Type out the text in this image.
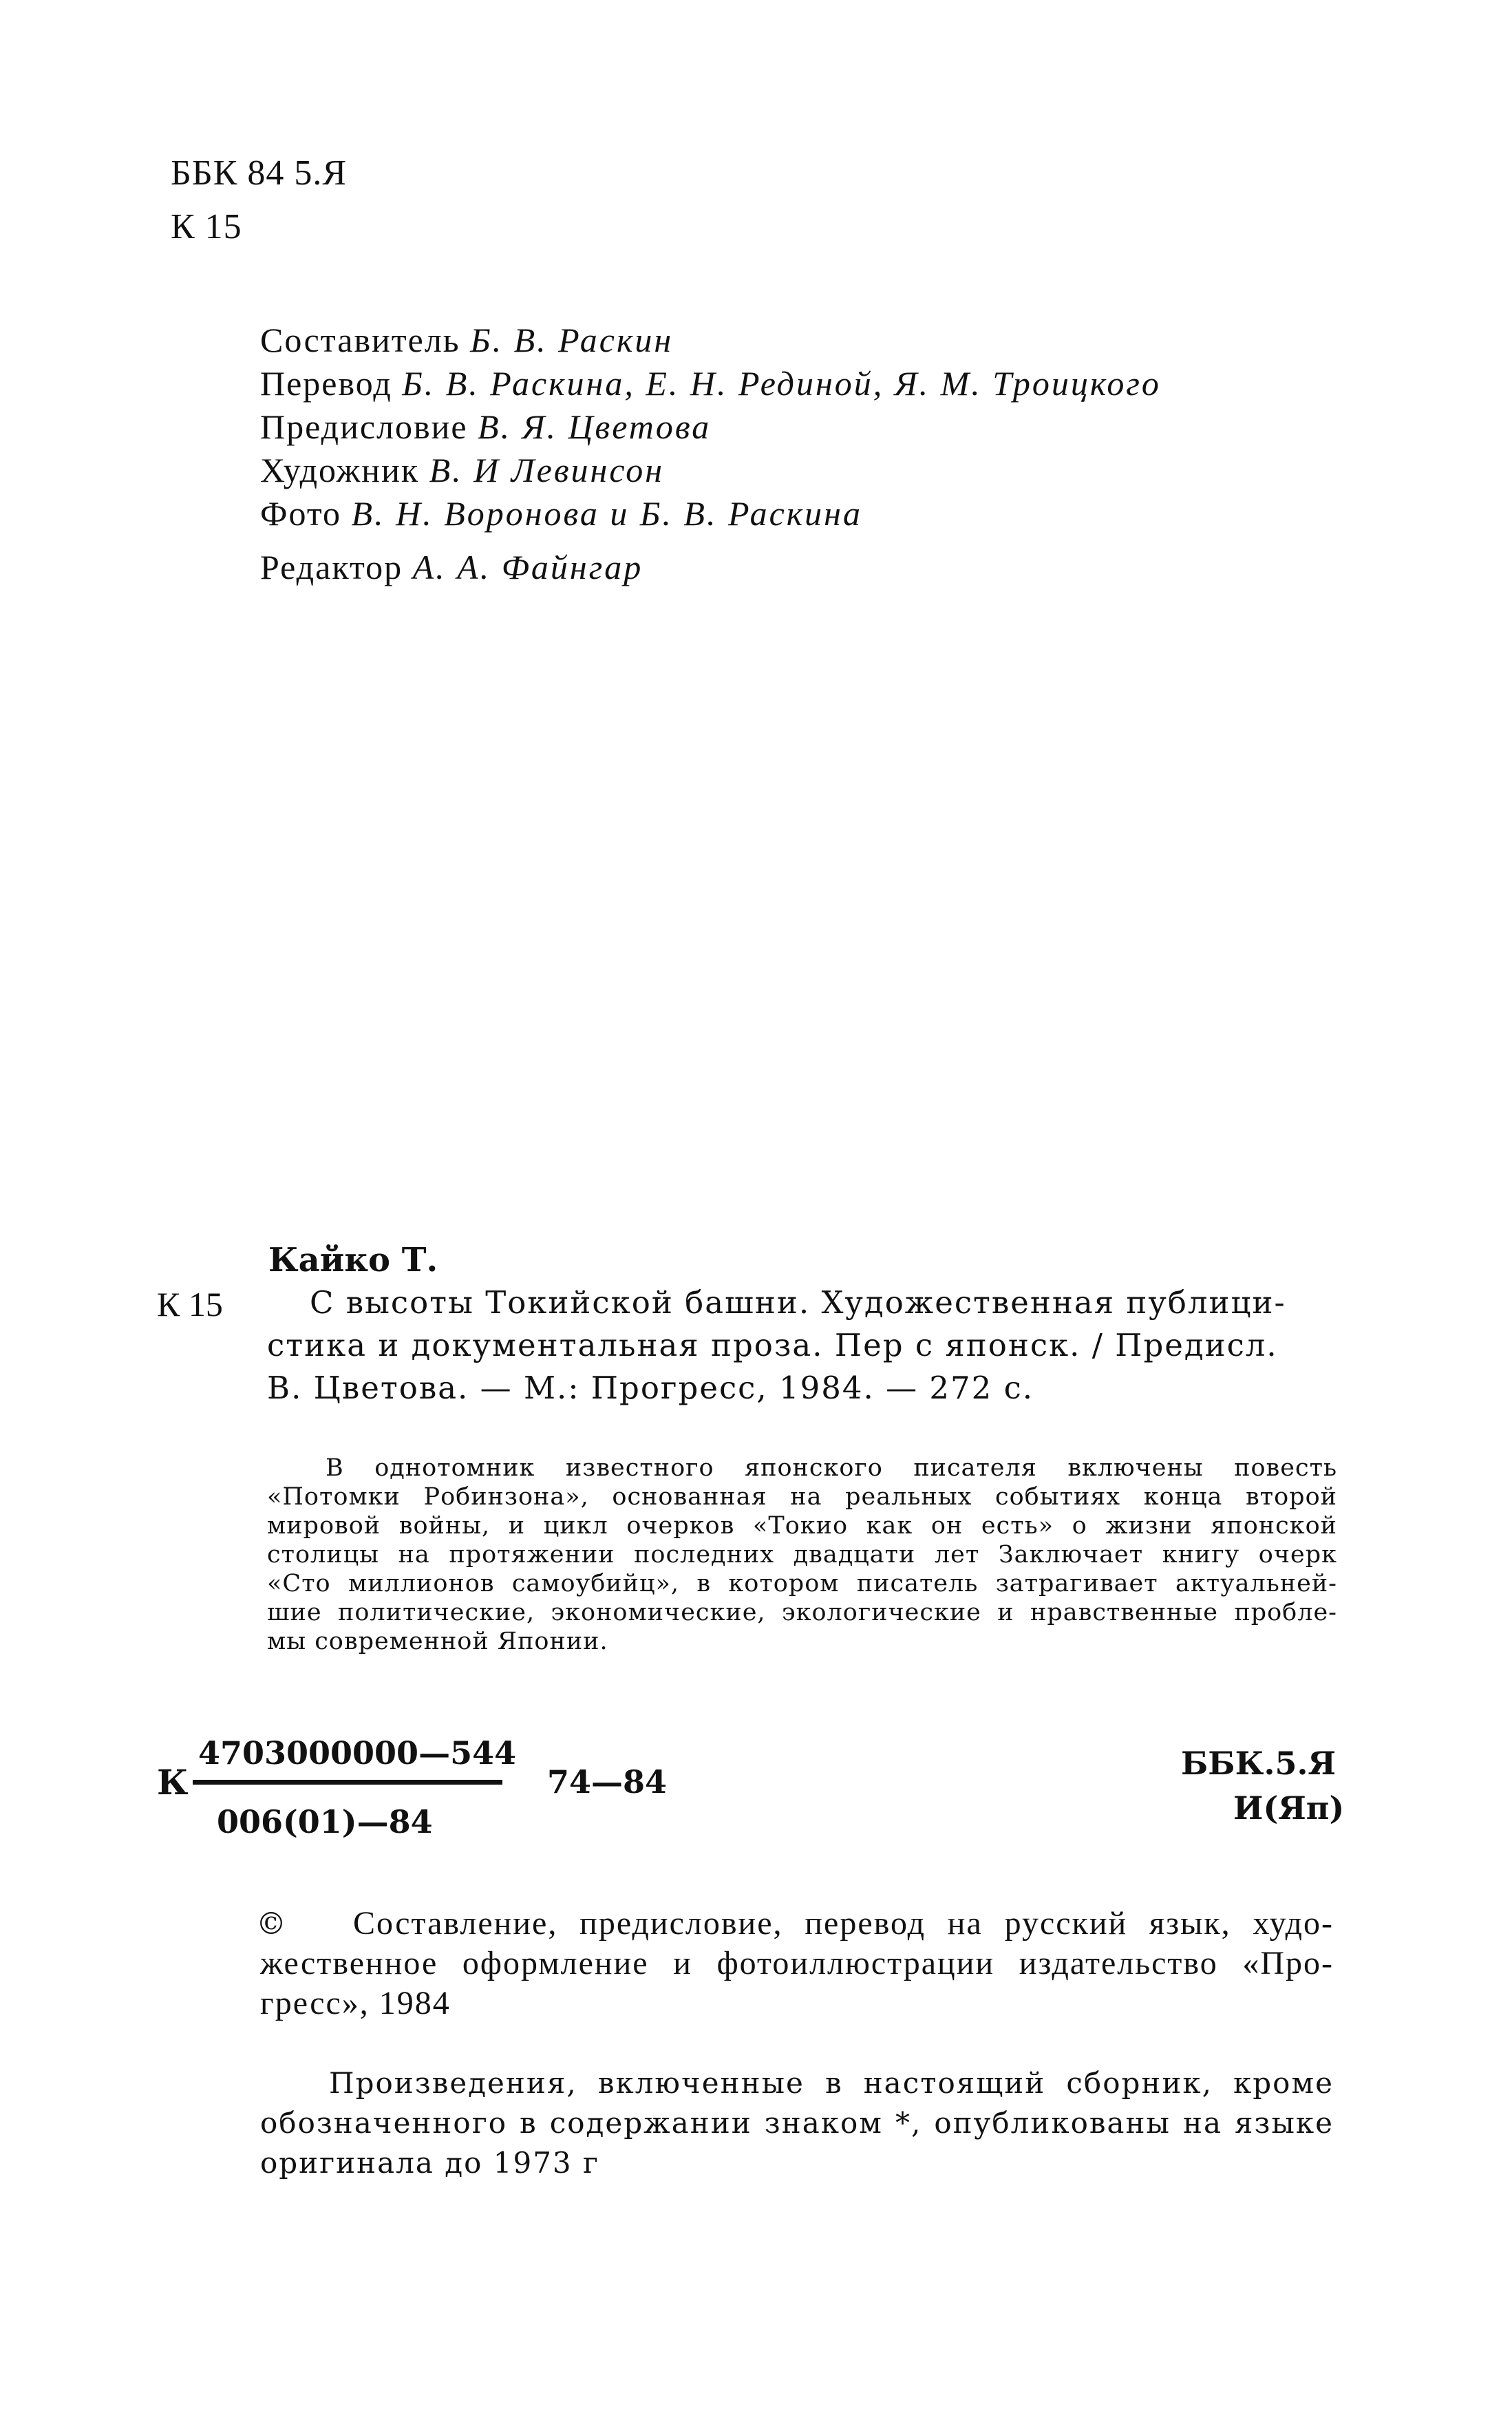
ББК 84 5.Я
К 15
Составитель Б. В. Раскин
Перевод Б. В. Раскина, Е. Н. Рединой, Я. М. Троицкого
Предисловие В. Я. Цветова
Художник В. И Левинсон
Фото В. Н. Воронова и Б. В. Раскина
Редактор А. А. Файнгар
Кайко Т.
К 15	С высоты Токийской башни. Художественная публици-
стика и документальная проза. Пер с японск. / Предисл.
В. Цветова. — М.: Прогресс, 1984. — 272 с.
В однотомник известного японского писателя включены повесть
«Потомки Робинзона», основанная на реальных событиях конца второй
мировой войны, и цикл очерков «Токио как он есть» о жизни японской
столицы на протяжении последних двадцати лет Заключает книгу очерк
«Сто миллионов самоубийц», в котором писатель затрагивает актуальней-
шие политические, экономические, экологические и нравственные пробле-
мы современной Японии.
4703000000—544
К
006(01)—84
74—84	ББК.5.Я
И(Яп)
©	Составление, предисловие, перевод на русский язык, худо-
жественное оформление и фотоиллюстрации издательство «Про-
гресс», 1984
Произведения, включенные в настоящий сборник, кроме
обозначенного в содержании знаком *, опубликованы на языке
оригинала до 1973 г
